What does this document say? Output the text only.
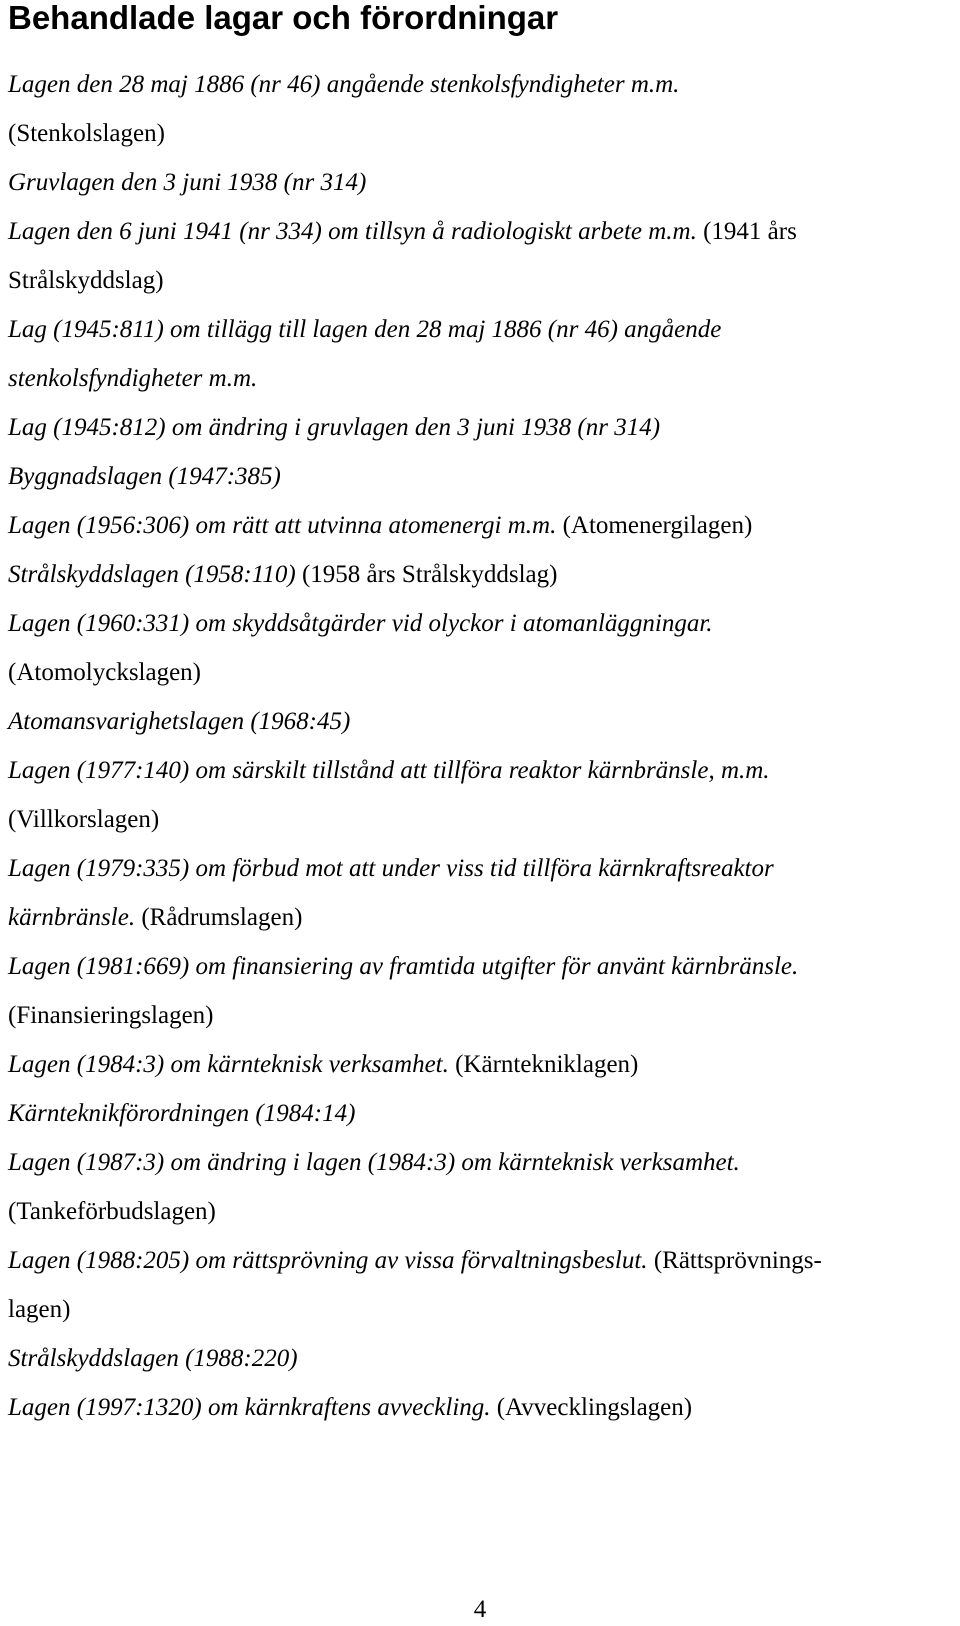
Behandlade lagar och förordningar
Lagen den 28 maj 1886 (nr 46) angående stenkolsfyndigheter m.m.
(Stenkolslagen)
Gruvlagen den 3 juni 1938 (nr 314)
Lagen den 6 juni 1941 (nr 334) om tillsyn å radiologiskt arbete m.m. (1941 års
Strålskyddslag)
Lag (1945:811) om tillägg till lagen den 28 maj 1886 (nr 46) angående
stenkolsfyndigheter m.m.
Lag (1945:812) om ändring i gruvlagen den 3 juni 1938 (nr 314)
Byggnadslagen (1947:385)
Lagen (1956:306) om rätt att utvinna atomenergi m.m. (Atomenergilagen)
Strålskyddslagen (1958:110) (1958 års Strålskyddslag)
Lagen (1960:331) om skyddsåtgärder vid olyckor i atomanläggningar.
(Atomolyckslagen)
Atomansvarighetslagen (1968:45)
Lagen (1977:140) om särskilt tillstånd att tillföra reaktor kärnbränsle, m.m.
(Villkorslagen)
Lagen (1979:335) om förbud mot att under viss tid tillföra kärnkraftsreaktor
kärnbränsle. (Rådrumslagen)
Lagen (1981:669) om finansiering av framtida utgifter för använt kärnbränsle.
(Finansieringslagen)
Lagen (1984:3) om kärnteknisk verksamhet. (Kärntekniklagen)
Kärnteknikförordningen (1984:14)
Lagen (1987:3) om ändring i lagen (1984:3) om kärnteknisk verksamhet.
(Tankeförbudslagen)
Lagen (1988:205) om rättsprövning av vissa förvaltningsbeslut. (Rättsprövnings-
lagen)
Strålskyddslagen (1988:220)
Lagen (1997:1320) om kärnkraftens avveckling. (Avvecklingslagen)
4
